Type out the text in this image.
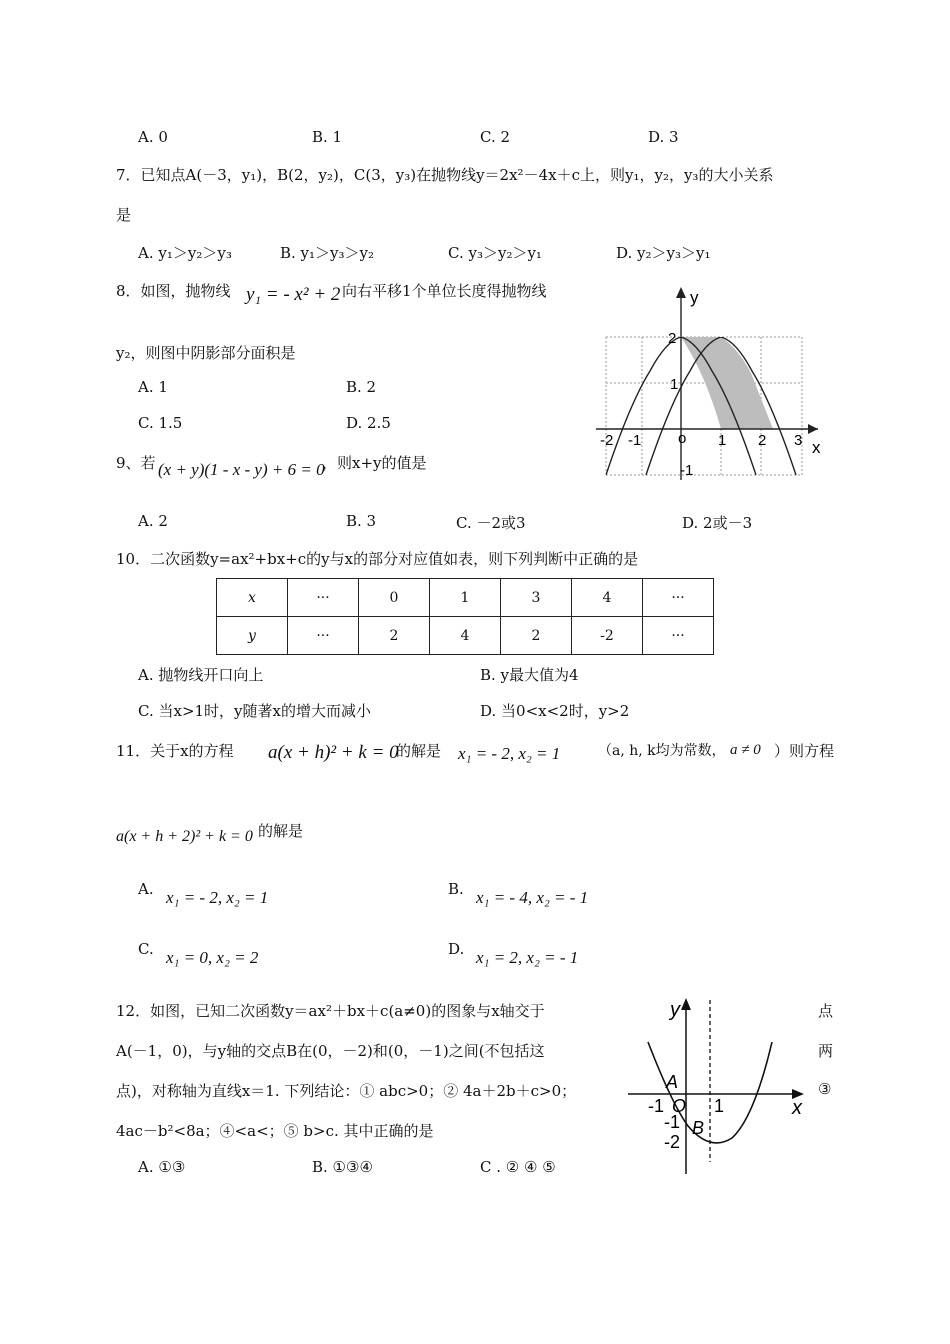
A. 0	B. 1	C. 2	D. 3
7．已知点A(－3，y₁)，B(2，y₂)，C(3，y₃)在抛物线y＝2x²－4x＋c上，则y₁，y₂，y₃的大小关系
是
A. y₁＞y₂＞y₃	B. y₁＞y₃＞y₂	C. y₃＞y₂＞y₁	D. y₂＞y₃＞y₁
8．如图，抛物线 y₁ = - x² + 2 向右平移1个单位长度得抛物线
y₂，则图中阴影部分面积是
A. 1	B. 2
C. 1.5	D. 2.5
y
x
-2 -1 o 1 2 3
2
1
-1
9、若 (x + y)(1 - x - y) + 6 = 0
，则x+y的值是
A. 2	B. 3	C. －2或3	D. 2或－3
10．二次函数y=ax²+bx+c的y与x的部分对应值如表，则下列判断中正确的是
x	···	0	1	3	4	···
y	···	2	4	2	-2	···
A. 抛物线开口向上	B. y最大值为4
C. 当x>1时，y随著x的增大而减小	D. 当0<x<2时，y>2
11．关于x的方程 a(x + h)² + k = 0
的解是 x₁ = - 2, x₂ = 1	（a, h, k均为常数， a ≠ 0 ）则方程
a(x + h + 2)² + k = 0 的解是
A. x₁ = - 2, x₂ = 1	B. x₁ = - 4, x₂ = - 1
C. x₁ = 0, x₂ = 2	D. x₁ = 2, x₂ = - 1
12．如图，已知二次函数y＝ax²＋bx＋c(a≠0)的图象与x轴交于	点
A(－1，0)，与y轴的交点B在(0，－2)和(0，－1)之间(不包括这	两
点)，对称轴为直线x＝1. 下列结论：① abc>0；② 4a＋2b＋c>0；	③
4ac－b²<8a；④<a<；⑤ b>c. 其中正确的是
A. ①③	B. ①③④	C . ② ④ ⑤
y
x
A
O
B
-1	1
-1
-2
